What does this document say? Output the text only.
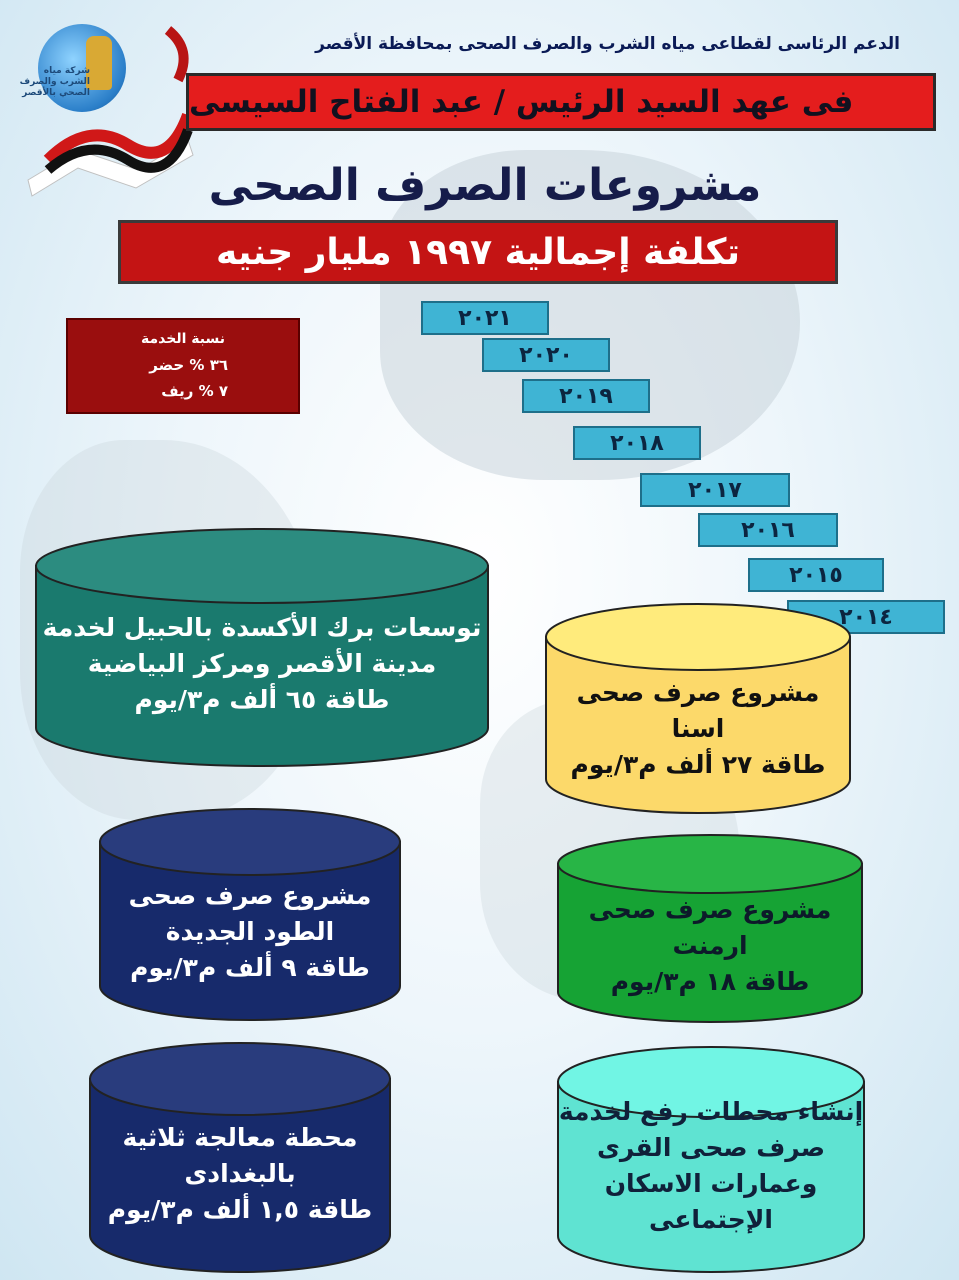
شركة مياه الشرب والصرف الصحي بالأقصر
الدعم الرئاسى لقطاعى مياه الشرب والصرف الصحى بمحافظة الأقصر
فى عهد السيد الرئيس / عبد الفتاح السيسى
مشروعات الصرف الصحى
تكلفة إجمالية ١٩٩٧ مليار جنيه
نسبة الخدمة
٣٦ % حضر
٧ % ريف
٢٠٢١
٢٠٢٠
٢٠١٩
٢٠١٨
٢٠١٧
٢٠١٦
٢٠١٥
٢٠١٤
توسعات برك الأكسدة بالحبيل لخدمة
مدينة الأقصر ومركز البياضية
طاقة ٦٥ ألف م٣/يوم	مشروع صرف صحى
اسنا
طاقة ٢٧ ألف م٣/يوم
مشروع صرف صحى
الطود الجديدة
طاقة ٩ ألف م٣/يوم
مشروع صرف صحى
ارمنت
طاقة ١٨ م٣/يوم
محطة معالجة ثلاثية
بالبغدادى
طاقة ١,٥ ألف م٣/يوم
إنشاء محطات رفع لخدمة
صرف صحى القرى
وعمارات الاسكان
الإجتماعى
